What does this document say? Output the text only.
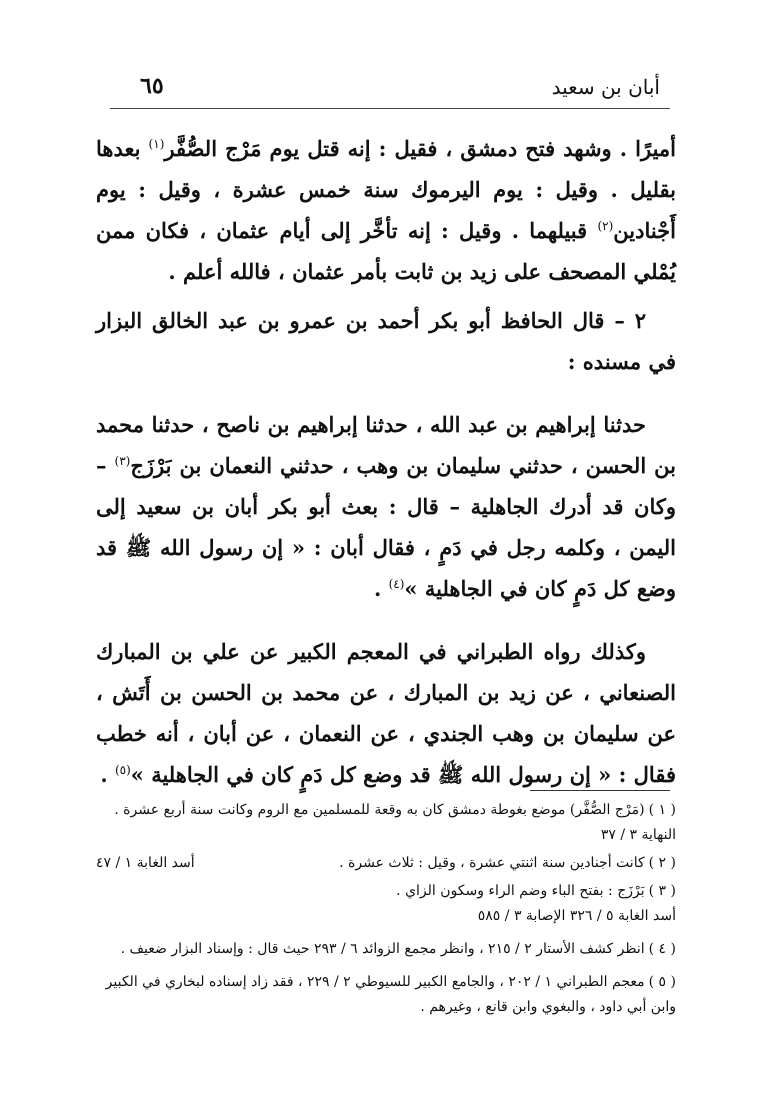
أبان بن سعيد
٦٥

أميرًا . وشهد فتح دمشق ، فقيل : إنه قتل يوم مَرْج الصُّفَّر$^{(١)}$ بعدها بقليل . وقيل : يوم اليرموك سنة خمس عشرة ، وقيل : يوم أَجْنادين$^{(٢)}$ قبيلهما . وقيل : إنه تأخَّر إلى أيام عثمان ، فكان ممن يُمْلي المصحف على زيد بن ثابت بأمر عثمان ، فالله أعلم .

٢ – قال الحافظ أبو بكر أحمد بن عمرو بن عبد الخالق البزار في مسنده :

حدثنا إبراهيم بن عبد الله ، حدثنا إبراهيم بن ناصح ، حدثنا محمد بن الحسن ، حدثني سليمان بن وهب ، حدثني النعمان بن بَرْزَج$^{(٣)}$ – وكان قد أدرك الجاهلية – قال : بعث أبو بكر أبان بن سعيد إلى اليمن ، وكلمه رجل في دَمٍ ، فقال أبان : « إن رسول الله ﷺ قد وضع كل دَمٍ كان في الجاهلية »$^{(٤)}$ .

وكذلك رواه الطبراني في المعجم الكبير عن علي بن المبارك الصنعاني ، عن زيد بن المبارك ، عن محمد بن الحسن بن أَتَش ، عن سليمان بن وهب الجندي ، عن النعمان ، عن أبان ، أنه خطب فقال : « إن رسول الله ﷺ قد وضع كل دَمٍ كان في الجاهلية »$^{(٥)}$ .

( ١ )(مَرْج الصُّفَّر) موضع بغوطة دمشق كان به وقعة للمسلمين مع الروم وكانت سنة أربع عشرة . النهاية ٣ / ٣٧

( ٢ )كانت أجنادين سنة اثنتي عشرة ، وقيل : ثلاث عشرة .
أسد الغابة ١ / ٤٧

( ٣ )بَرْزَج : بفتح الباء وضم الراء وسكون الزاي .
أسد الغابة ٥ / ٣٢٦ الإصابة ٣ / ٥٨٥

( ٤ )انظر كشف الأستار ٢ / ٢١٥ ، وانظر مجمع الزوائد ٦ / ٢٩٣ حيث قال : وإسناد البزار ضعيف .

( ٥ )معجم الطبراني ١ / ٢٠٢ ، والجامع الكبير للسيوطي ٢ / ٢٢٩ ، فقد زاد إسناده لبخاري في الكبير وابن أبي داود ، والبغوي وابن قانع ، وغيرهم .
